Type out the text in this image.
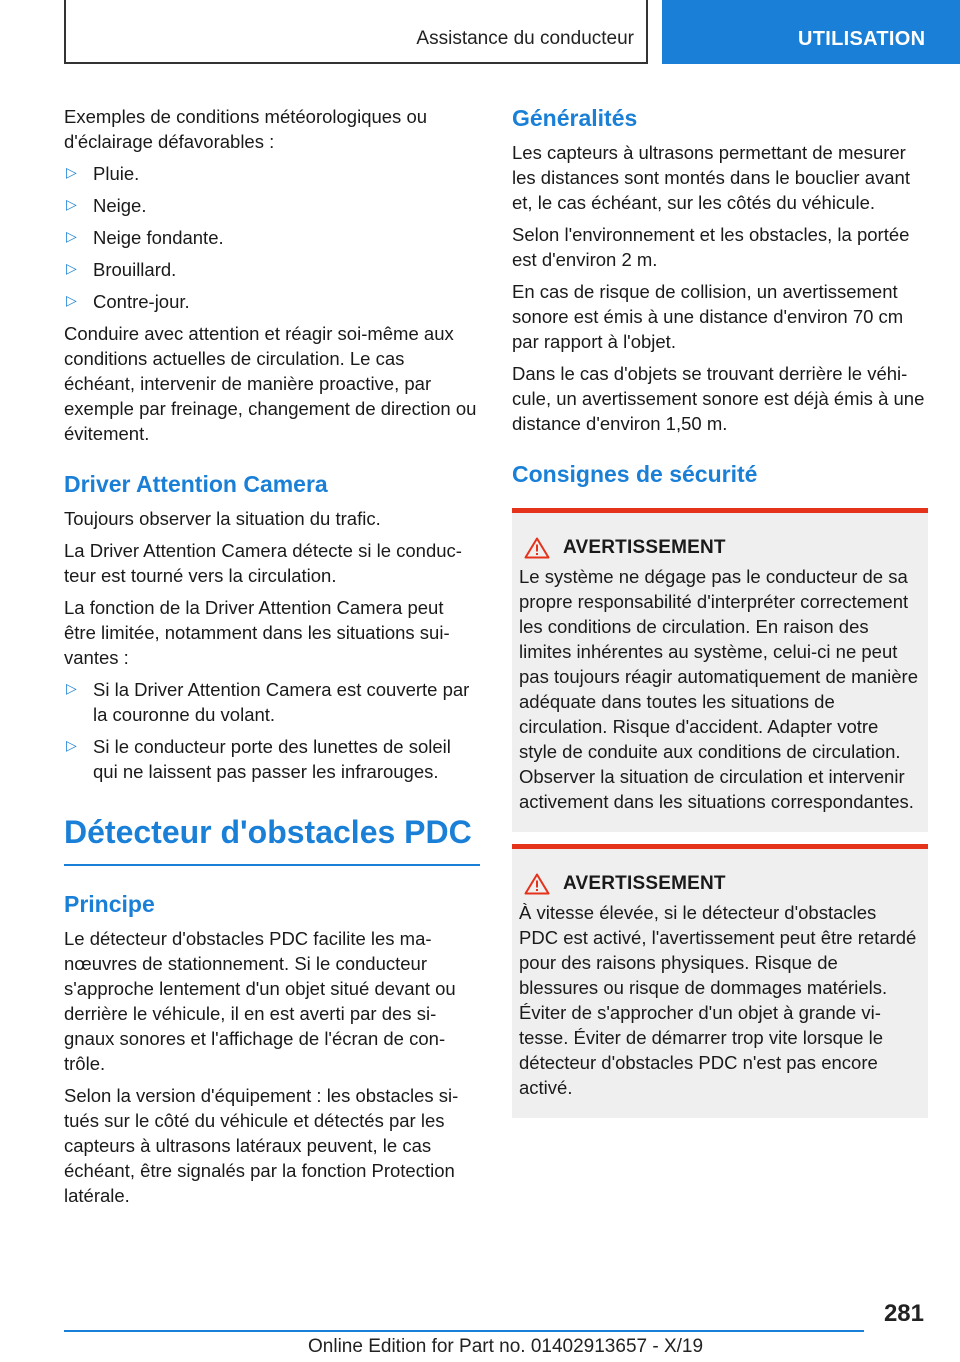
Assistance du conducteur	UTILISATION

Exemples de conditions météorologiques ou d'éclairage défavorables :

▷ Pluie.
▷ Neige.
▷ Neige fondante.
▷ Brouillard.
▷ Contre-jour.

Conduire avec attention et réagir soi-même aux conditions actuelles de circulation. Le cas échéant, intervenir de manière proactive, par exemple par freinage, changement de direction ou évitement.

Driver Attention Camera

Toujours observer la situation du trafic.

La Driver Attention Camera détecte si le conducteur est tourné vers la circulation.

La fonction de la Driver Attention Camera peut être limitée, notamment dans les situations suivantes :

▷ Si la Driver Attention Camera est couverte par la couronne du volant.
▷ Si le conducteur porte des lunettes de soleil qui ne laissent pas passer les infrarouges.
Détecteur d'obstacles PDC
Principe

Le détecteur d'obstacles PDC facilite les manœuvres de stationnement. Si le conducteur s'approche lentement d'un objet situé devant ou derrière le véhicule, il en est averti par des signaux sonores et l'affichage de l'écran de contrôle.

Selon la version d'équipement : les obstacles situés sur le côté du véhicule et détectés par les capteurs à ultrasons latéraux peuvent, le cas échéant, être signalés par la fonction Protection latérale.

Généralités

Les capteurs à ultrasons permettant de mesurer les distances sont montés dans le bouclier avant et, le cas échéant, sur les côtés du véhicule.

Selon l'environnement et les obstacles, la portée est d'environ 2 m.

En cas de risque de collision, un avertissement sonore est émis à une distance d'environ 70 cm par rapport à l'objet.

Dans le cas d'objets se trouvant derrière le véhicule, un avertissement sonore est déjà émis à une distance d'environ 1,50 m.

Consignes de sécurité
AVERTISSEMENT

Le système ne dégage pas le conducteur de sa propre responsabilité d'interpréter correctement les conditions de circulation. En raison des limites inhérentes au système, celui-ci ne peut pas toujours réagir automatiquement de manière adéquate dans toutes les situations de circulation. Risque d'accident. Adapter votre style de conduite aux conditions de circulation. Observer la situation de circulation et intervenir activement dans les situations correspondantes.

AVERTISSEMENT

À vitesse élevée, si le détecteur d'obstacles PDC est activé, l'avertissement peut être retardé pour des raisons physiques. Risque de blessures ou risque de dommages matériels. Éviter de s'approcher d'un objet à grande vitesse. Éviter de démarrer trop vite lorsque le détecteur d'obstacles PDC n'est pas encore activé.

281
Online Edition for Part no. 01402913657 - X/19
